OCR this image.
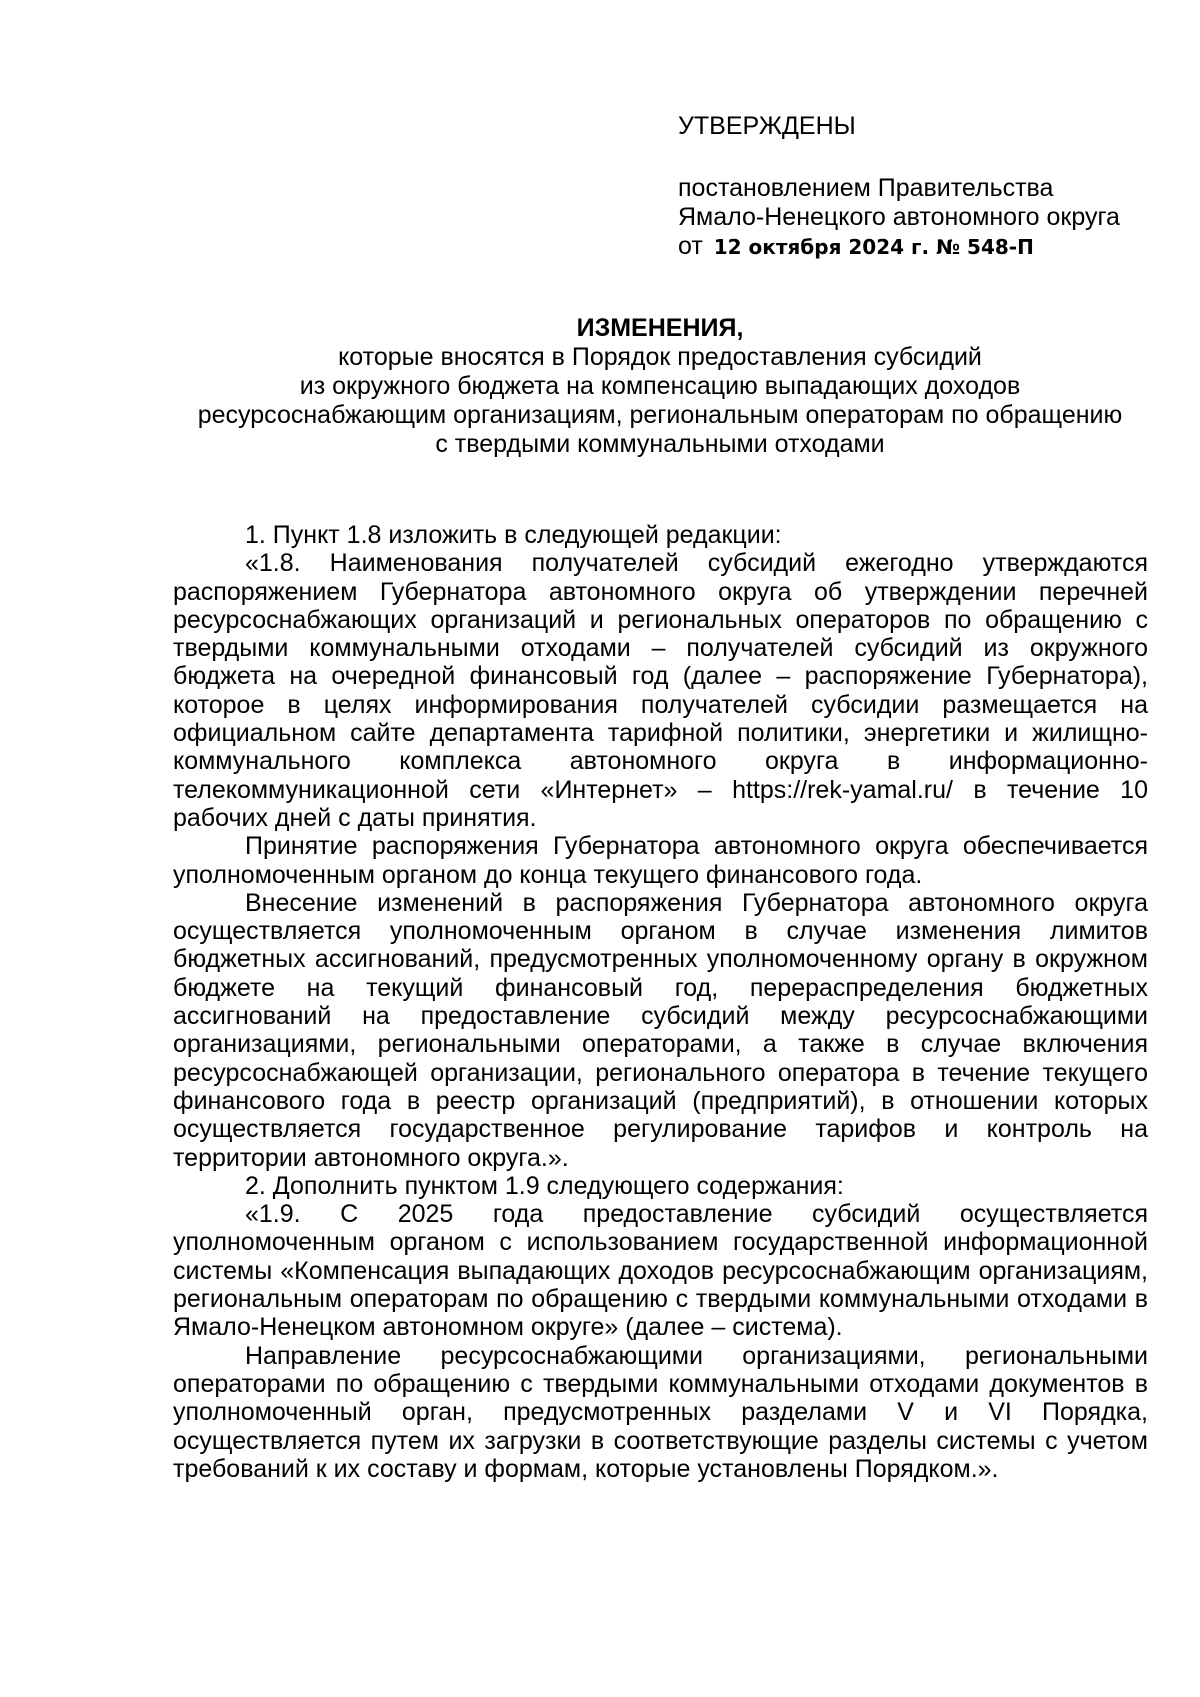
УТВЕРЖДЕНЫ
постановлением Правительства
Ямало-Ненецкого автономного округа
от 12 октября 2024 г. № 548-П
ИЗМЕНЕНИЯ,
которые вносятся в Порядок предоставления субсидий
из окружного бюджета на компенсацию выпадающих доходов
ресурсоснабжающим организациям, региональным операторам по обращению
с твердыми коммунальными отходами

1. Пункт 1.8 изложить в следующей редакции:

«1.8. Наименования получателей субсидий ежегодно утверждаются распоряжением Губернатора автономного округа об утверждении перечней ресурсоснабжающих организаций и региональных операторов по обращению с твердыми коммунальными отходами – получателей субсидий из окружного бюджета на очередной финансовый год (далее – распоряжение Губернатора), которое в целях информирования получателей субсидии размещается на официальном сайте департамента тарифной политики, энергетики и жилищно-коммунального комплекса автономного округа в информационно-телекоммуникационной сети «Интернет» – https://rek-yamal.ru/ в течение 10 рабочих дней с даты принятия.

Принятие распоряжения Губернатора автономного округа обеспечивается уполномоченным органом до конца текущего финансового года.

Внесение изменений в распоряжения Губернатора автономного округа осуществляется уполномоченным органом в случае изменения лимитов бюджетных ассигнований, предусмотренных уполномоченному органу в окружном бюджете на текущий финансовый год, перераспределения бюджетных ассигнований на предоставление субсидий между ресурсоснабжающими организациями, региональными операторами, а также в случае включения ресурсоснабжающей организации, регионального оператора в течение текущего финансового года в реестр организаций (предприятий), в отношении которых осуществляется государственное регулирование тарифов и контроль на территории автономного округа.».

2. Дополнить пунктом 1.9 следующего содержания:

«1.9. С 2025 года предоставление субсидий осуществляется уполномоченным органом с использованием государственной информационной системы «Компенсация выпадающих доходов ресурсоснабжающим организациям, региональным операторам по обращению с твердыми коммунальными отходами в Ямало-Ненецком автономном округе» (далее – система).

Направление ресурсоснабжающими организациями, региональными операторами по обращению с твердыми коммунальными отходами документов в уполномоченный орган, предусмотренных разделами V и VI Порядка, осуществляется путем их загрузки в соответствующие разделы системы с учетом требований к их составу и формам, которые установлены Порядком.».
